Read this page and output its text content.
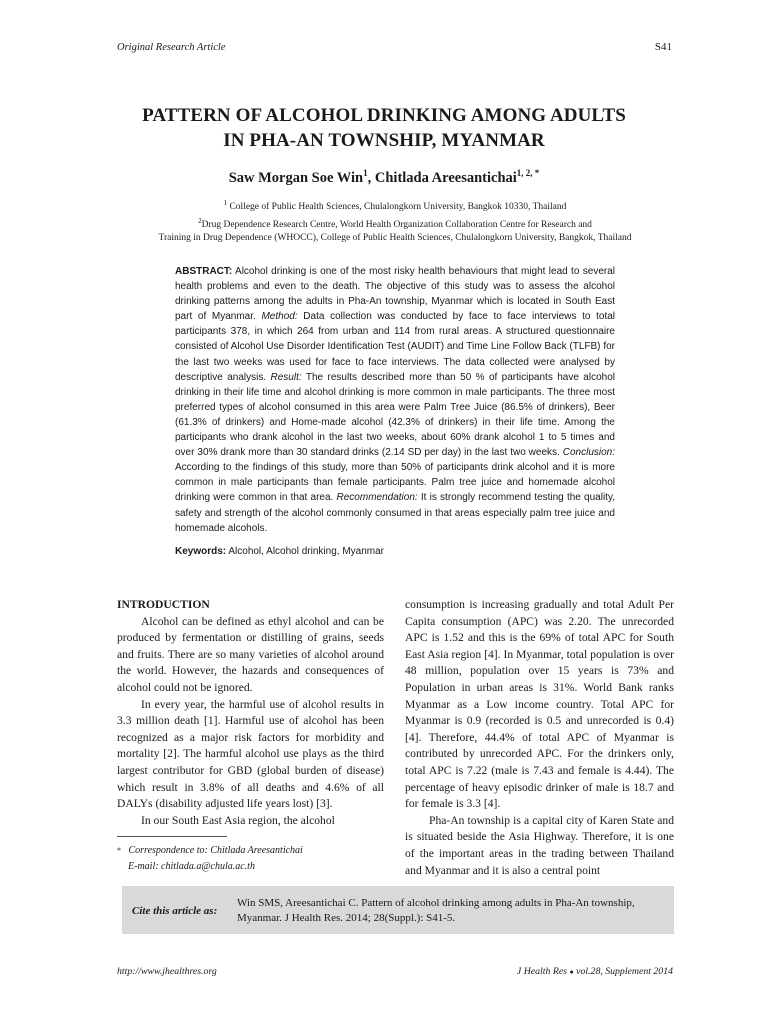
Original Research Article	S41
PATTERN OF ALCOHOL DRINKING AMONG ADULTS
IN PHA-AN TOWNSHIP, MYANMAR
Saw Morgan Soe Win$^1$, Chitlada Areesantichai$^{1, 2, *}$
$^1$ College of Public Health Sciences, Chulalongkorn University, Bangkok 10330, Thailand
$^2$Drug Dependence Research Centre, World Health Organization Collaboration Centre for Research and
Training in Drug Dependence (WHOCC), College of Public Health Sciences, Chulalongkorn University, Bangkok, Thailand

ABSTRACT: Alcohol drinking is one of the most risky health behaviours that might lead to several health problems and even to the death. The objective of this study was to assess the alcohol drinking patterns among the adults in Pha-An township, Myanmar which is located in South East part of Myanmar. Method: Data collection was conducted by face to face interviews to total participants 378, in which 264 from urban and 114 from rural areas. A structured questionnaire consisted of Alcohol Use Disorder Identification Test (AUDIT) and Time Line Follow Back (TLFB) for the last two weeks was used for face to face interviews. The data collected were analysed by descriptive analysis. Result: The results described more than 50 % of participants have alcohol drinking in their life time and alcohol drinking is more common in male participants. The three most preferred types of alcohol consumed in this area were Palm Tree Juice (86.5% of drinkers), Beer (61.3% of drinkers) and Home-made alcohol (42.3% of drinkers) in their life time. Among the participants who drank alcohol in the last two weeks, about 60% drank alcohol 1 to 5 times and over 30% drank more than 30 standard drinks (2.14 SD per day) in the last two weeks. Conclusion: According to the findings of this study, more than 50% of participants drink alcohol and it is more common in male participants than female participants. Palm tree juice and homemade alcohol drinking were common in that area. Recommendation: It is strongly recommend testing the quality, safety and strength of the alcohol commonly consumed in that areas especially palm tree juice and homemade alcohols.

Keywords: Alcohol, Alcohol drinking, Myanmar

INTRODUCTION

Alcohol can be defined as ethyl alcohol and can be produced by fermentation or distilling of grains, seeds and fruits. There are so many varieties of alcohol around the world. However, the hazards and consequences of alcohol could not be ignored.

In every year, the harmful use of alcohol results in 3.3 million death [1]. Harmful use of alcohol has been recognized as a major risk factors for morbidity and mortality [2]. The harmful alcohol use plays as the third largest contributor for GBD (global burden of disease) which result in 3.8% of all deaths and 4.6% of all DALYs (disability adjusted life years lost) [3].

In our South East Asia region, the alcohol

consumption is increasing gradually and total Adult Per Capita consumption (APC) was 2.20. The unrecorded APC is 1.52 and this is the 69% of total APC for South East Asia region [4]. In Myanmar, total population is over 48 million, population over 15 years is 73% and Population in urban areas is 31%. World Bank ranks Myanmar as a Low income country. Total APC for Myanmar is 0.9 (recorded is 0.5 and unrecorded is 0.4) [4]. Therefore, 44.4% of total APC of Myanmar is contributed by unrecorded APC. For the drinkers only, total APC is 7.22 (male is 7.43 and female is 4.44). The percentage of heavy episodic drinker of male is 18.7 and for female is 3.3 [4].

Pha-An township is a capital city of Karen State and is situated beside the Asia Highway. Therefore, it is one of the important areas in the trading between Thailand and Myanmar and it is also a central point

* Correspondence to: Chitlada Areesantichai
E-mail: chitlada.a@chula.ac.th
Cite this article as:
Win SMS, Areesantichai C. Pattern of alcohol drinking among adults in Pha-An township,
Myanmar. J Health Res. 2014; 28(Suppl.): S41-5.
http://www.jhealthres.org	J Health Res ● vol.28, Supplement 2014
